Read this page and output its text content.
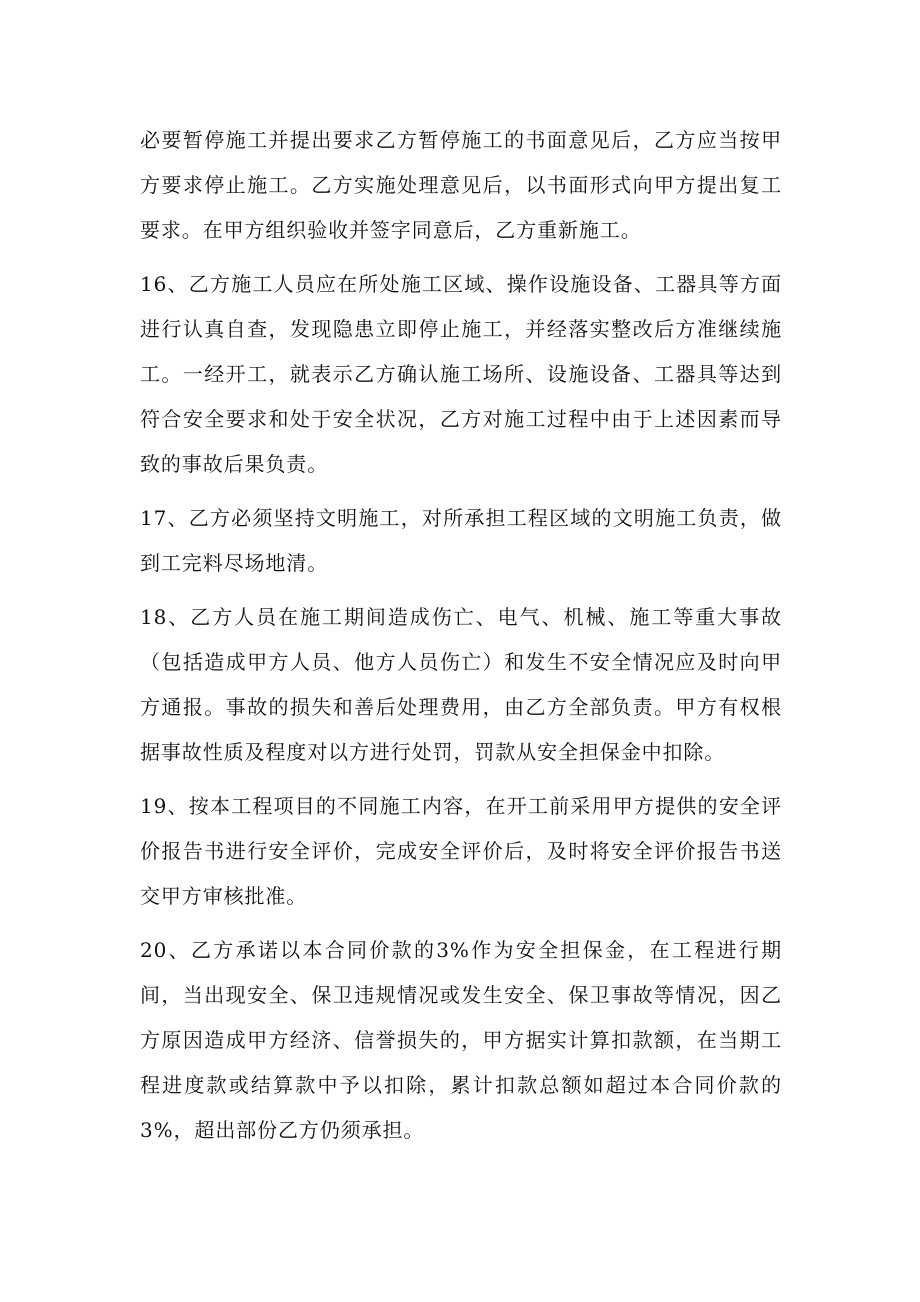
必要暂停施工并提出要求乙方暂停施工的书面意见后，乙方应当按甲方要求停止施工。乙方实施处理意见后，以书面形式向甲方提出复工要求。在甲方组织验收并签字同意后，乙方重新施工。

16、乙方施工人员应在所处施工区域、操作设施设备、工器具等方面进行认真自查，发现隐患立即停止施工，并经落实整改后方准继续施工。一经开工，就表示乙方确认施工场所、设施设备、工器具等达到符合安全要求和处于安全状况，乙方对施工过程中由于上述因素而导致的事故后果负责。

17、乙方必须坚持文明施工，对所承担工程区域的文明施工负责，做到工完料尽场地清。

18、乙方人员在施工期间造成伤亡、电气、机械、施工等重大事故（包括造成甲方人员、他方人员伤亡）和发生不安全情况应及时向甲方通报。事故的损失和善后处理费用，由乙方全部负责。甲方有权根据事故性质及程度对以方进行处罚，罚款从安全担保金中扣除。

19、按本工程项目的不同施工内容，在开工前采用甲方提供的安全评价报告书进行安全评价，完成安全评价后，及时将安全评价报告书送交甲方审核批准。

20、乙方承诺以本合同价款的3%作为安全担保金，在工程进行期间，当出现安全、保卫违规情况或发生安全、保卫事故等情况，因乙方原因造成甲方经济、信誉损失的，甲方据实计算扣款额，在当期工程进度款或结算款中予以扣除，累计扣款总额如超过本合同价款的3%，超出部份乙方仍须承担。
